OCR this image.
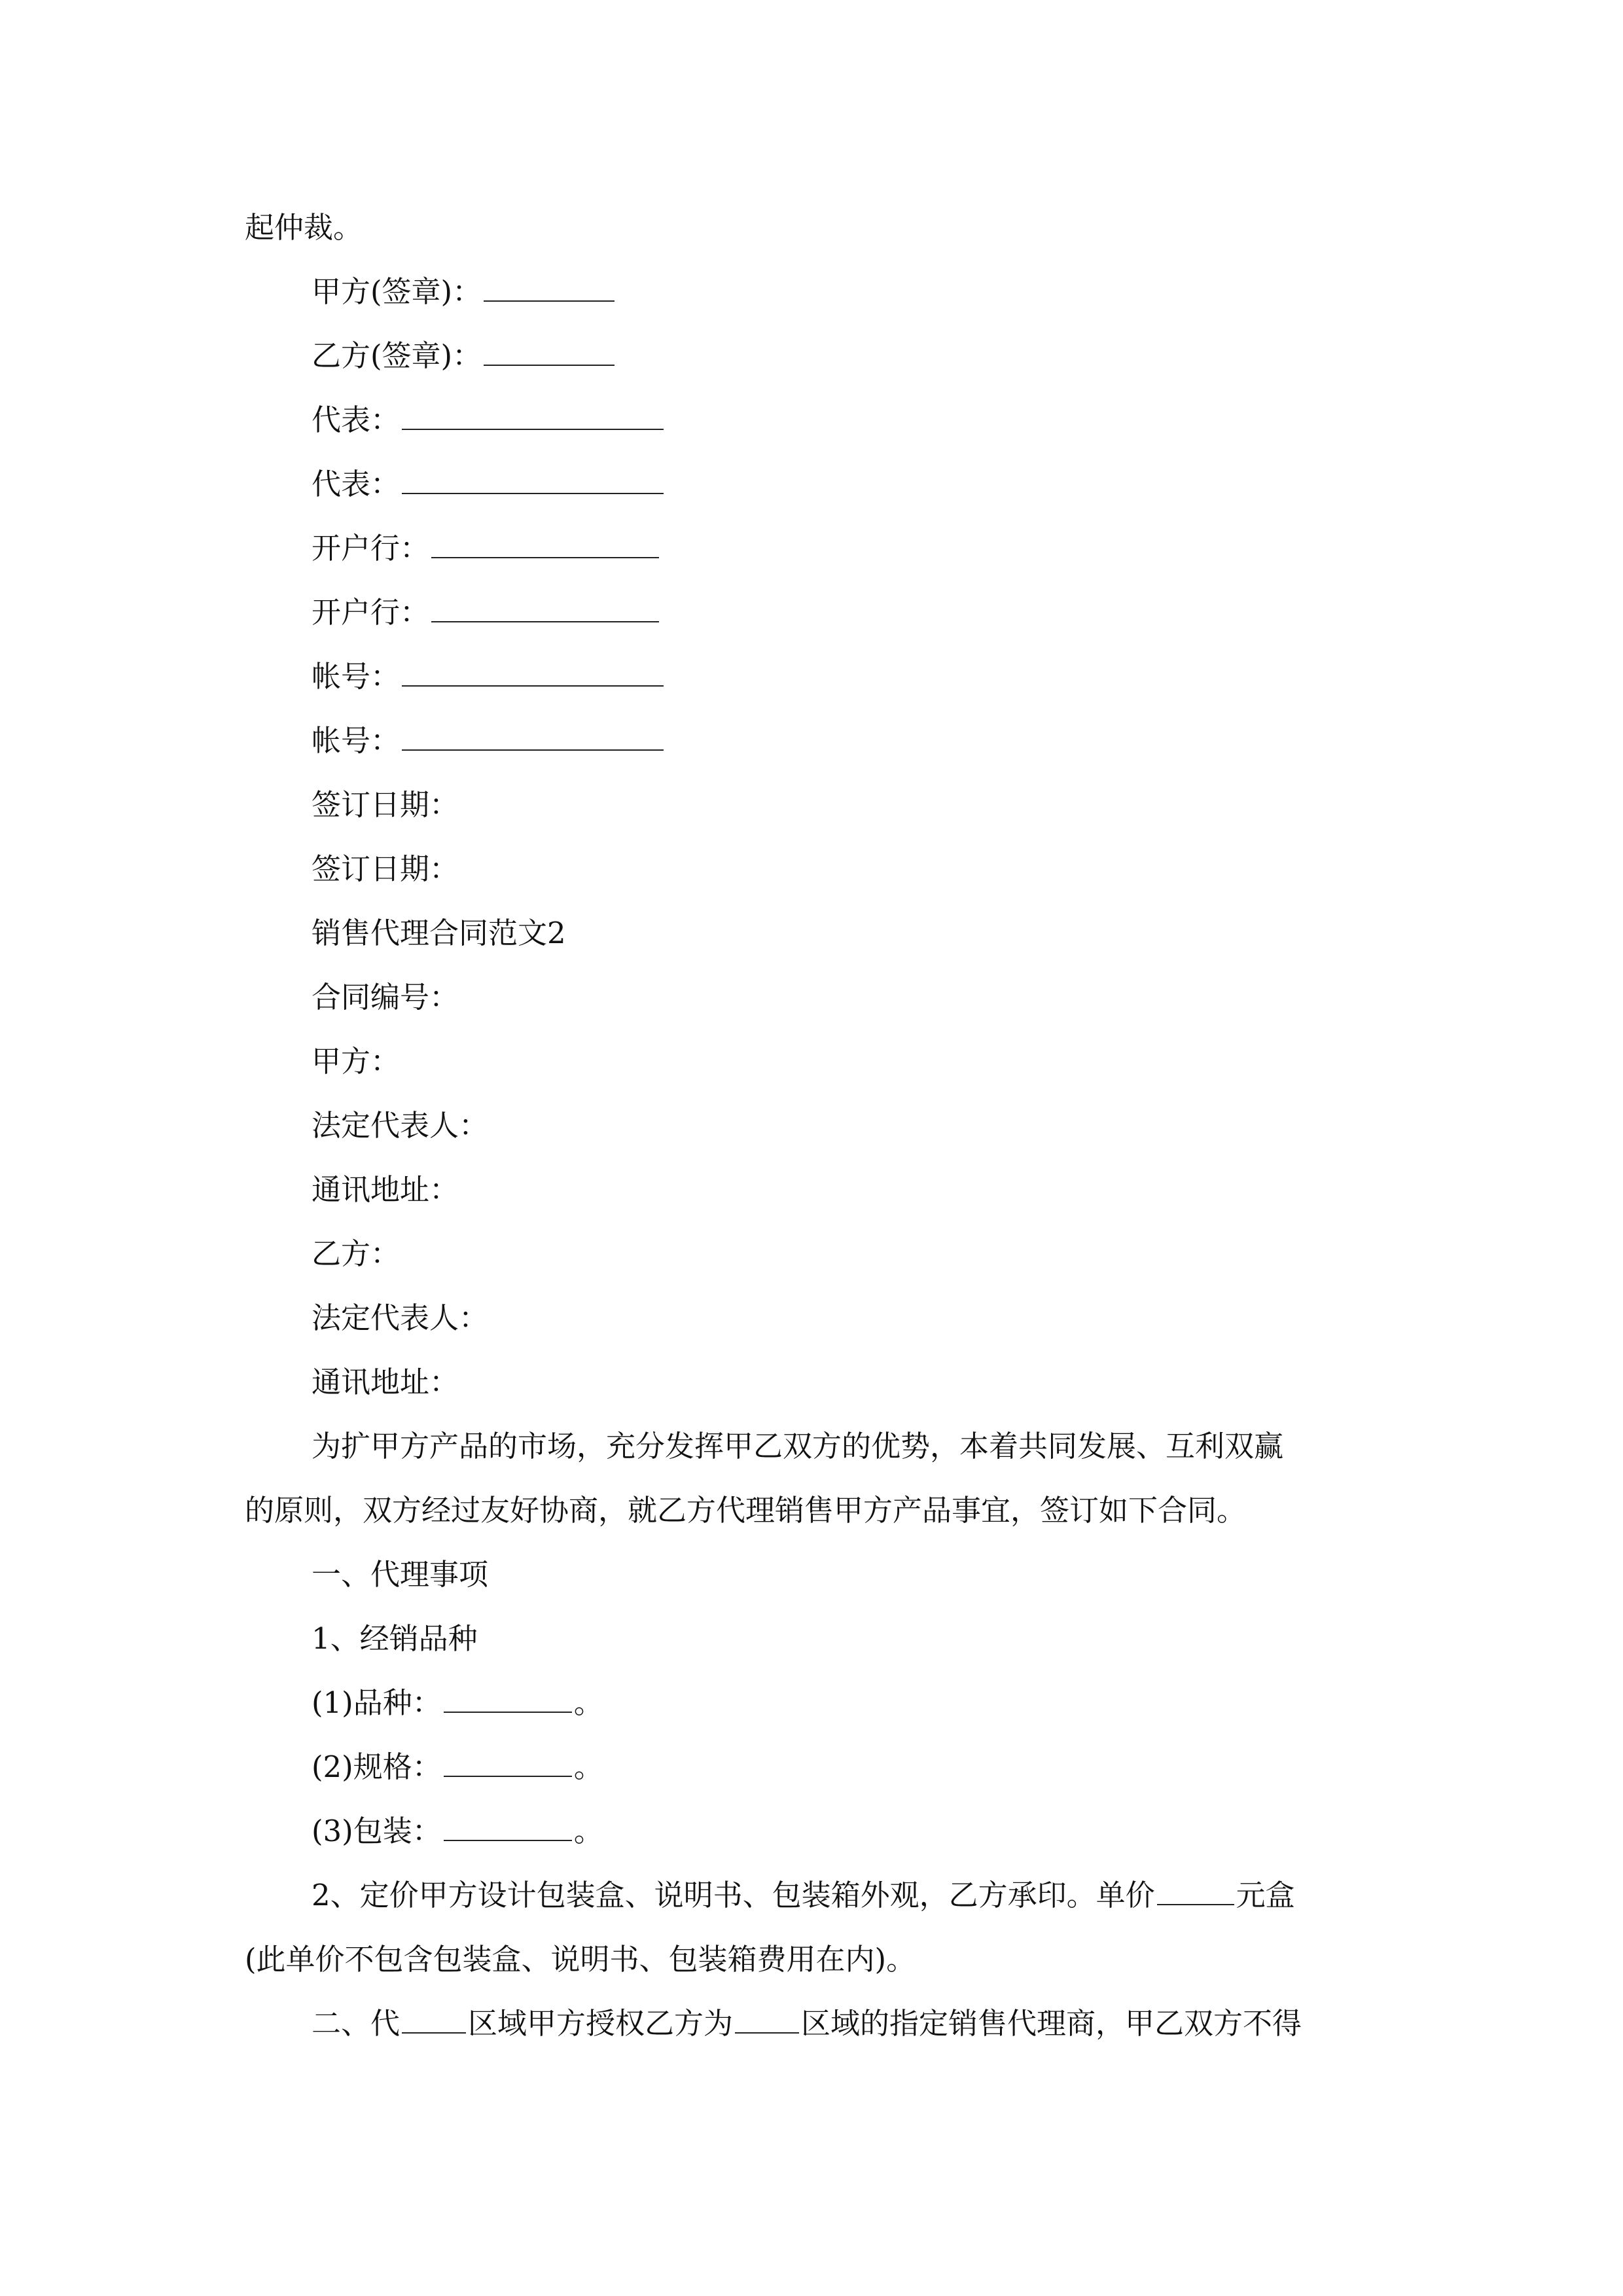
起仲裁。
甲方(签章)：
乙方(签章)：
代表：
代表：
开户行：
开户行：
帐号：
帐号：
签订日期：
签订日期：
销售代理合同范文2
合同编号：
甲方：
法定代表人：
通讯地址：
乙方：
法定代表人：
通讯地址：
为扩甲方产品的市场，充分发挥甲乙双方的优势，本着共同发展、互利双赢
的原则，双方经过友好协商，就乙方代理销售甲方产品事宜，签订如下合同。
一、代理事项
1、经销品种
(1)品种：	。
(2)规格：	。
(3)包装：	。
2、定价甲方设计包装盒、说明书、包装箱外观，乙方承印。单价	元盒
(此单价不包含包装盒、说明书、包装箱费用在内)。
二、代 区域甲方授权乙方为 区域的指定销售代理商，甲乙双方不得
